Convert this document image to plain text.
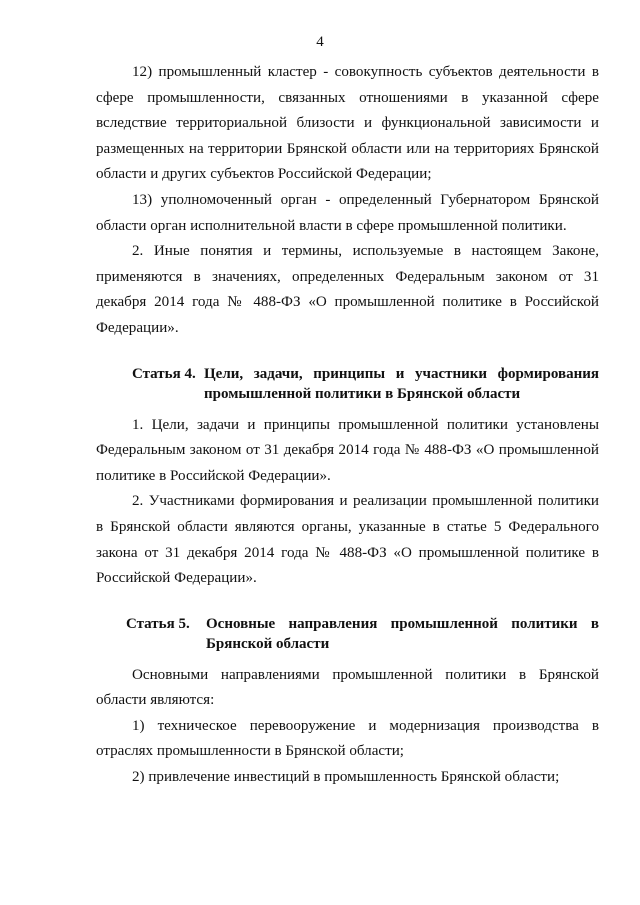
4

12) промышленный кластер - совокупность субъектов деятельности в сфере промышленности, связанных отношениями в указанной сфере вследствие территориальной близости и функциональной зависимости и размещенных на территории Брянской области или на территориях Брянской области и других субъектов Российской Федерации;

13) уполномоченный орган - определенный Губернатором Брянской области орган исполнительной власти в сфере промышленной политики.

2. Иные понятия и термины, используемые в настоящем Законе, применяются в значениях, определенных Федеральным законом от 31 декабря 2014 года № 488-ФЗ «О промышленной политике в Российской Федерации».

Статья 4. Цели, задачи, принципы и участники формирования промышленной политики в Брянской области

1. Цели, задачи и принципы промышленной политики установлены Федеральным законом от 31 декабря 2014 года № 488-ФЗ «О промышленной политике в Российской Федерации».

2. Участниками формирования и реализации промышленной политики в Брянской области являются органы, указанные в статье 5 Федерального закона от 31 декабря 2014 года № 488-ФЗ «О промышленной политике в Российской Федерации».

Статья 5.	Основные направления промышленной политики в Брянской области

Основными направлениями промышленной политики в Брянской области являются:

1) техническое перевооружение и модернизация производства в отраслях промышленности в Брянской области;

2) привлечение инвестиций в промышленность Брянской области;
